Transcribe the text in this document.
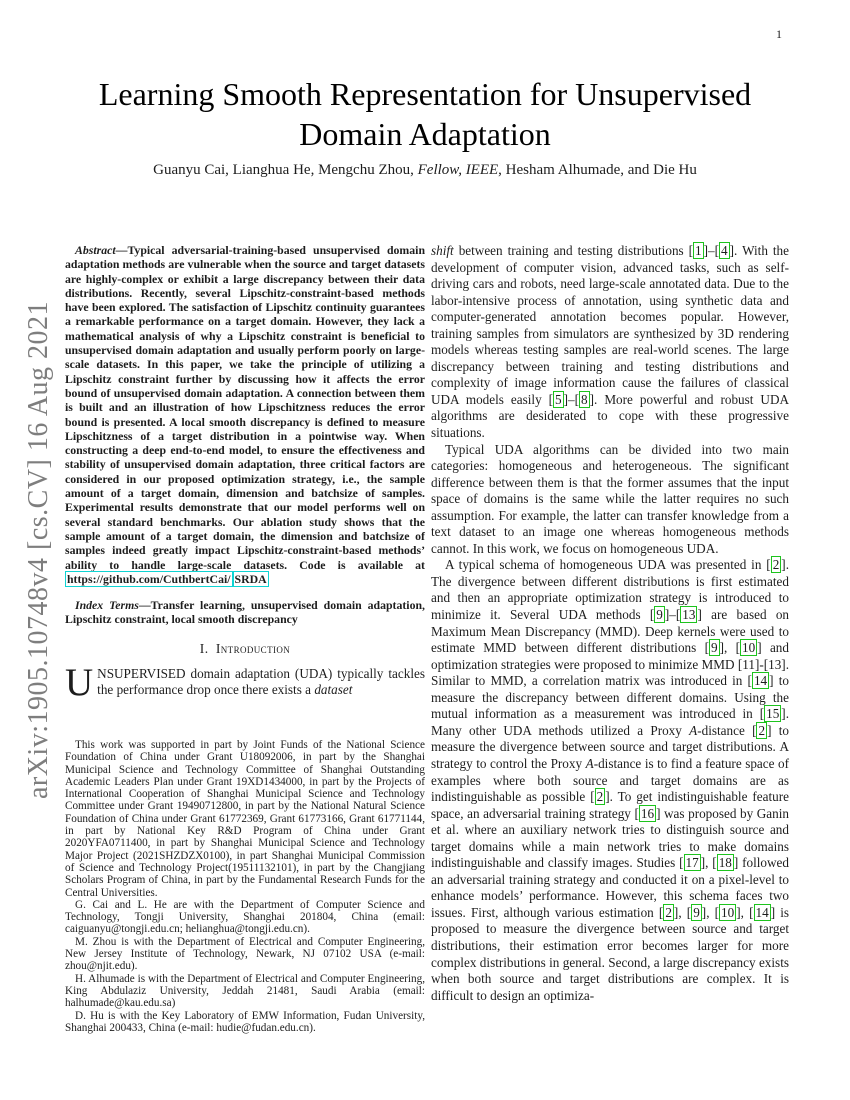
1
arXiv:1905.10748v4 [cs.CV] 16 Aug 2021
Learning Smooth Representation for Unsupervised
Domain Adaptation
Guanyu Cai, Lianghua He, Mengchu Zhou, Fellow, IEEE, Hesham Alhumade, and Die Hu

Abstract—Typical adversarial-training-based unsupervised domain adaptation methods are vulnerable when the source and target datasets are highly-complex or exhibit a large discrepancy between their data distributions. Recently, several Lipschitz-constraint-based methods have been explored. The satisfaction of Lipschitz continuity guarantees a remarkable performance on a target domain. However, they lack a mathematical analysis of why a Lipschitz constraint is beneficial to unsupervised domain adaptation and usually perform poorly on large-scale datasets. In this paper, we take the principle of utilizing a Lipschitz constraint further by discussing how it affects the error bound of unsupervised domain adaptation. A connection between them is built and an illustration of how Lipschitzness reduces the error bound is presented. A local smooth discrepancy is defined to measure Lipschitzness of a target distribution in a pointwise way. When constructing a deep end-to-end model, to ensure the effectiveness and stability of unsupervised domain adaptation, three critical factors are considered in our proposed optimization strategy, i.e., the sample amount of a target domain, dimension and batchsize of samples. Experimental results demonstrate that our model performs well on several standard benchmarks. Our ablation study shows that the sample amount of a target domain, the dimension and batchsize of samples indeed greatly impact Lipschitz-constraint-based methods’ ability to handle large-scale datasets. Code is available at https://github.com/CuthbertCai/ SRDA

Index Terms—Transfer learning, unsupervised domain adaptation, Lipschitz constraint, local smooth discrepancy

I. Introduction

UNSUPERVISED domain adaptation (UDA) typically tackles the performance drop once there exists a dataset

This work was supported in part by Joint Funds of the National Science Foundation of China under Grant U18092006, in part by the Shanghai Municipal Science and Technology Committee of Shanghai Outstanding Academic Leaders Plan under Grant 19XD1434000, in part by the Projects of International Cooperation of Shanghai Municipal Science and Technology Committee under Grant 19490712800, in part by the National Natural Science Foundation of China under Grant 61772369, Grant 61773166, Grant 61771144, in part by National Key R&D Program of China under Grant 2020YFA0711400, in part by Shanghai Municipal Science and Technology Major Project (2021SHZDZX0100), in part Shanghai Municipal Commission of Science and Technology Project(19511132101), in part by the Changjiang Scholars Program of China, in part by the Fundamental Research Funds for the Central Universities.

G. Cai and L. He are with the Department of Computer Science and Technology, Tongji University, Shanghai 201804, China (email: caiguanyu@tongji.edu.cn; helianghua@tongji.edu.cn).

M. Zhou is with the Department of Electrical and Computer Engineering, New Jersey Institute of Technology, Newark, NJ 07102 USA (e-mail: zhou@njit.edu).

H. Alhumade is with the Department of Electrical and Computer Engineering, King Abdulaziz University, Jeddah 21481, Saudi Arabia (email: halhumade@kau.edu.sa)

D. Hu is with the Key Laboratory of EMW Information, Fudan University, Shanghai 200433, China (e-mail: hudie@fudan.edu.cn).

shift between training and testing distributions [ 1 ]–[ 4 ]. With the development of computer vision, advanced tasks, such as self-driving cars and robots, need large-scale annotated data. Due to the labor-intensive process of annotation, using synthetic data and computer-generated annotation becomes popular. However, training samples from simulators are synthesized by 3D rendering models whereas testing samples are real-world scenes. The large discrepancy between training and testing distributions and complexity of image information cause the failures of classical UDA models easily [ 5 ]–[ 8 ]. More powerful and robust UDA algorithms are desiderated to cope with these progressive situations.

Typical UDA algorithms can be divided into two main categories: homogeneous and heterogeneous. The significant difference between them is that the former assumes that the input space of domains is the same while the latter requires no such assumption. For example, the latter can transfer knowledge from a text dataset to an image one whereas homogeneous methods cannot. In this work, we focus on homogeneous UDA.

A typical schema of homogeneous UDA was presented in [ 2 ]. The divergence between different distributions is first estimated and then an appropriate optimization strategy is introduced to minimize it. Several UDA methods [ 9 ]–[ 13 ] are based on Maximum Mean Discrepancy (MMD). Deep kernels were used to estimate MMD between different distributions [ 9 ], [ 10 ] and optimization strategies were proposed to minimize MMD [11]-[13]. Similar to MMD, a correlation matrix was introduced in [ 14 ] to measure the discrepancy between different domains. Using the mutual information as a measurement was introduced in [ 15 ]. Many other UDA methods utilized a Proxy A-distance [ 2 ] to measure the divergence between source and target distributions. A strategy to control the Proxy A-distance is to find a feature space of examples where both source and target domains are as indistinguishable as possible [ 2 ]. To get indistinguishable feature space, an adversarial training strategy [ 16 ] was proposed by Ganin et al. where an auxiliary network tries to distinguish source and target domains while a main network tries to make domains indistinguishable and classify images. Studies [ 17 ], [ 18 ] followed an adversarial training strategy and conducted it on a pixel-level to enhance models’ performance. However, this schema faces two issues. First, although various estimation [ 2 ], [ 9 ], [ 10 ], [ 14 ] is proposed to measure the divergence between source and target distributions, their estimation error becomes larger for more complex distributions in general. Second, a large discrepancy exists when both source and target distributions are complex. It is difficult to design an optimiza-
